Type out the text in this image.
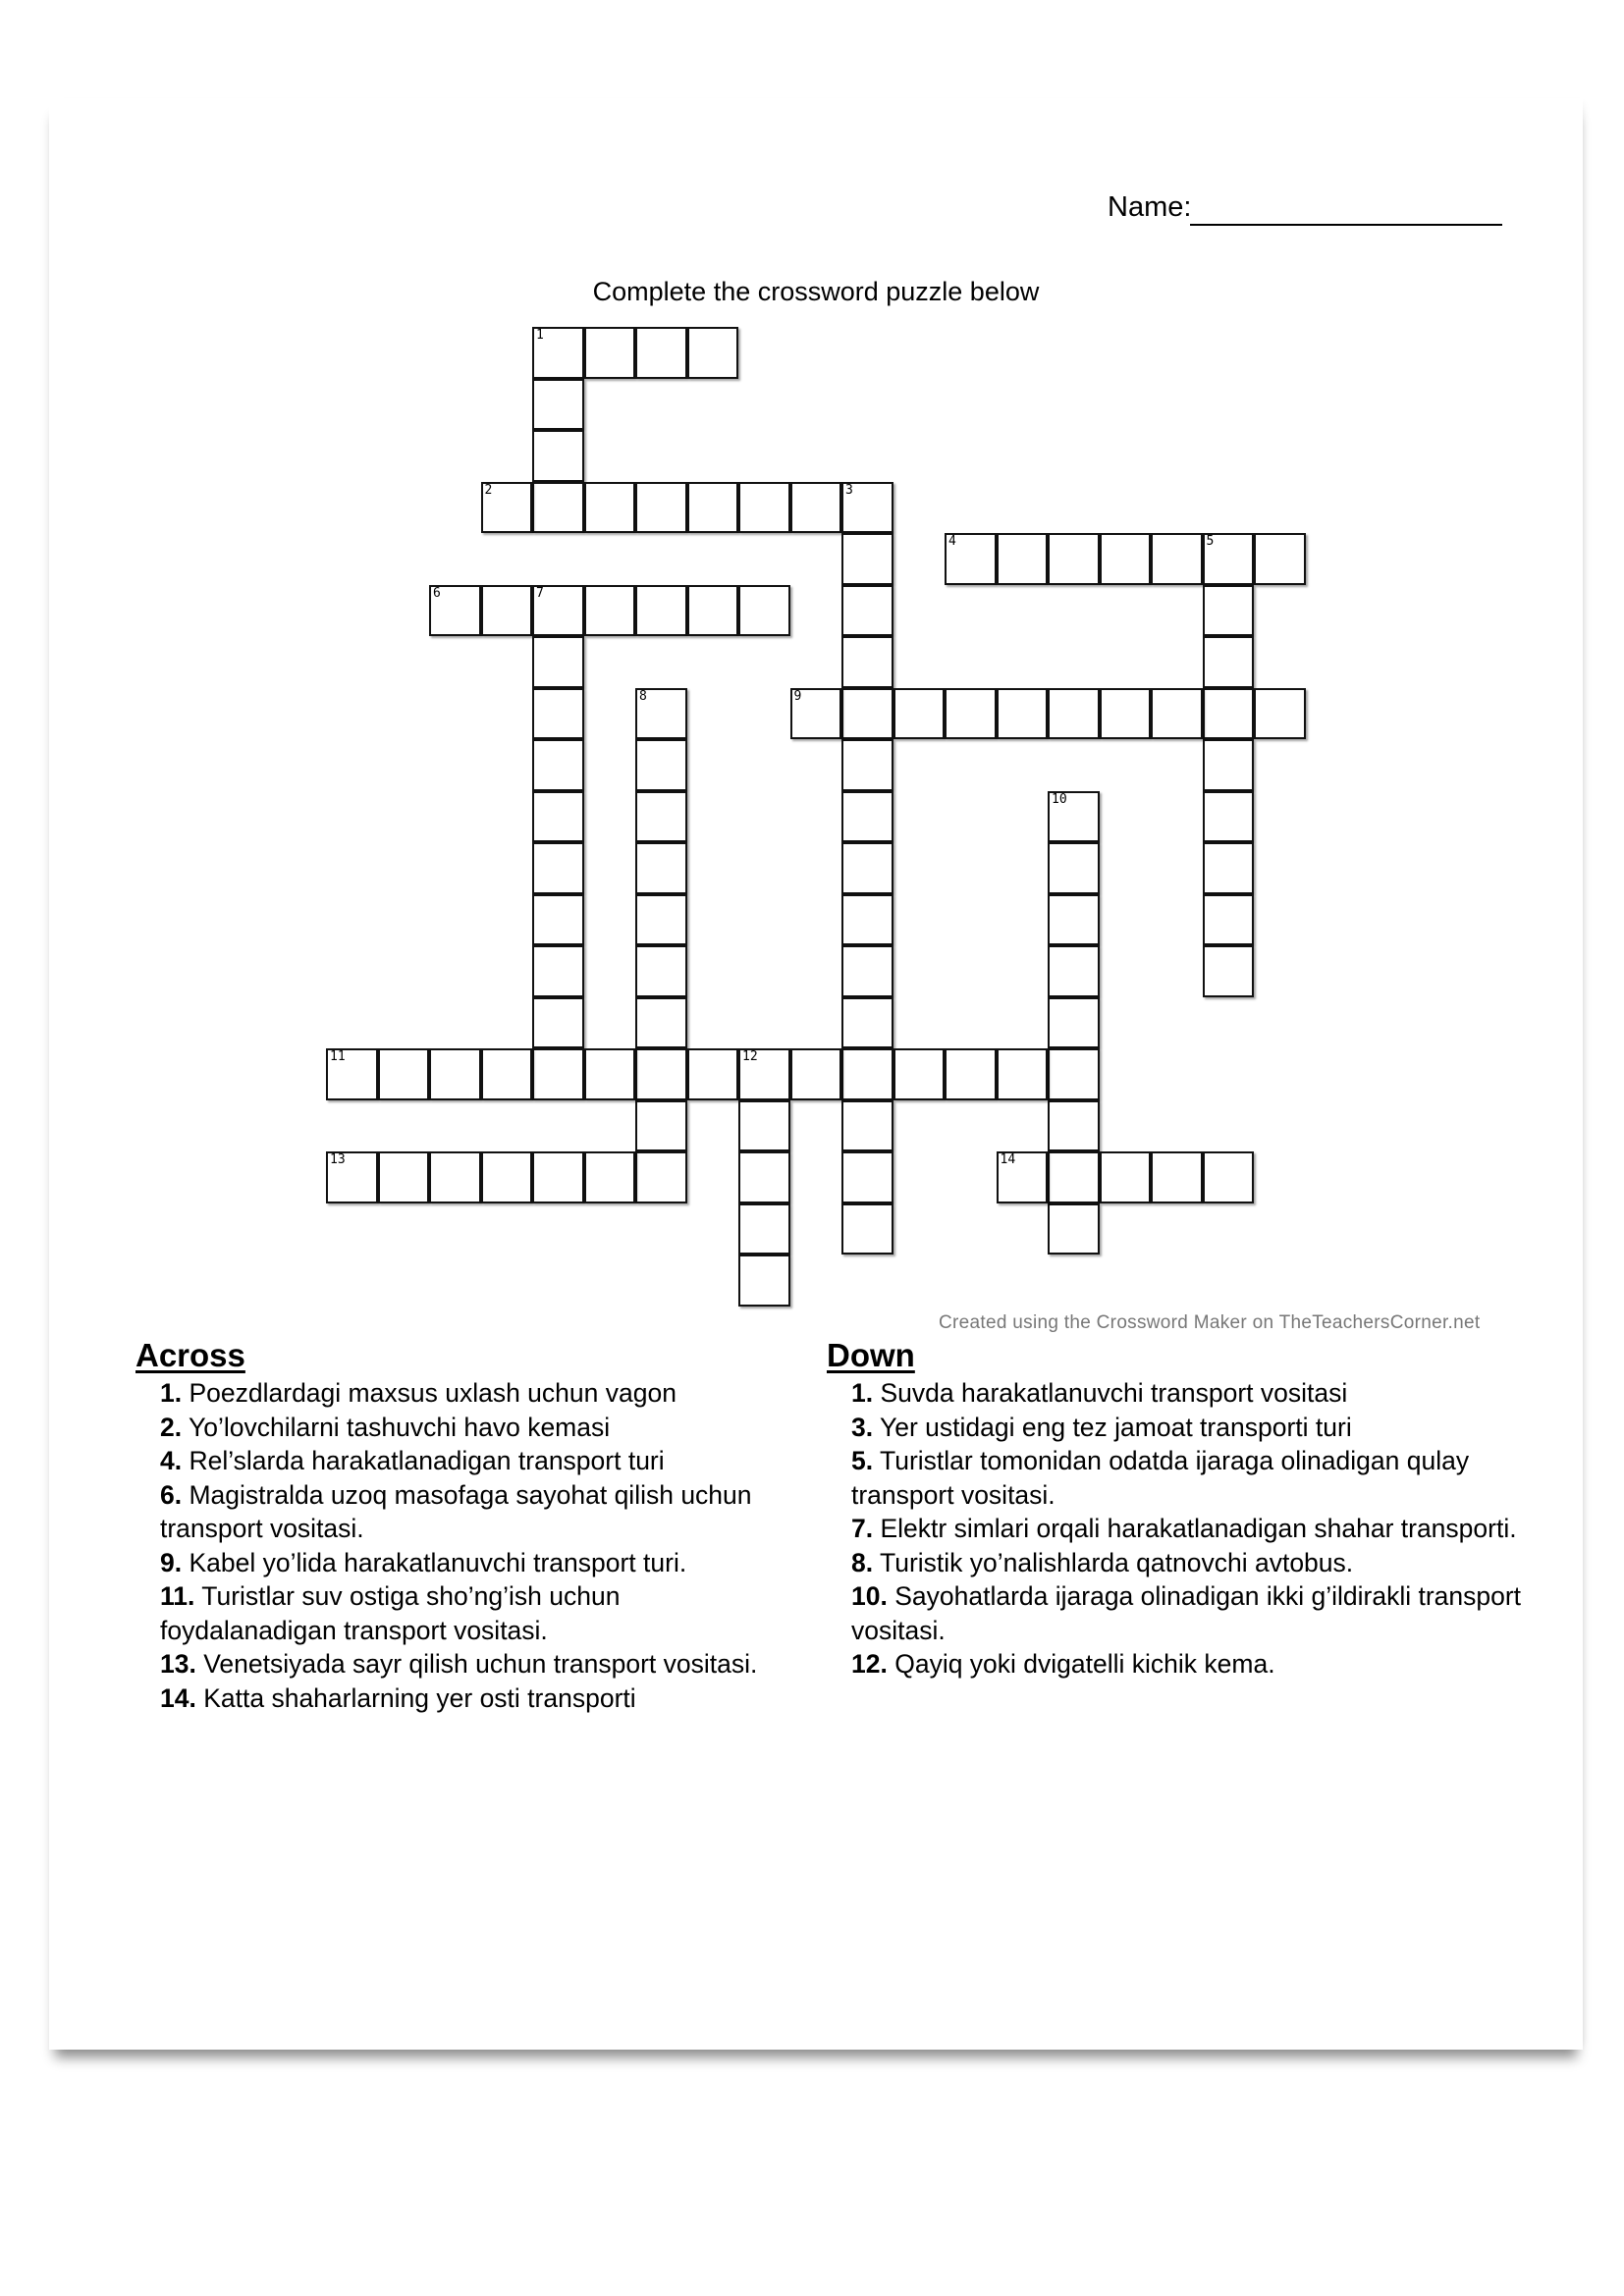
Name:
Complete the crossword puzzle below
1
2	3
4	5
6	7
8	9
10
11	12
13	14
Created using the Crossword Maker on TheTeachersCorner.net
Across	Down

1. Poezdlardagi maxsus uxlash uchun vagon

2. Yo’lovchilarni tashuvchi havo kemasi

4. Rel’slarda harakatlanadigan transport turi

6. Magistralda uzoq masofaga sayohat qilish uchun transport vositasi.

9. Kabel yo’lida harakatlanuvchi transport turi.

11. Turistlar suv ostiga sho’ng’ish uchun foydalanadigan transport vositasi.

13. Venetsiyada sayr qilish uchun transport vositasi.

14. Katta shaharlarning yer osti transporti

1. Suvda harakatlanuvchi transport vositasi

3. Yer ustidagi eng tez jamoat transporti turi

5. Turistlar tomonidan odatda ijaraga olinadigan qulay transport vositasi.

7. Elektr simlari orqali harakatlanadigan shahar transporti.

8. Turistik yo’nalishlarda qatnovchi avtobus.

10. Sayohatlarda ijaraga olinadigan ikki g’ildirakli transport vositasi.

12. Qayiq yoki dvigatelli kichik kema.
